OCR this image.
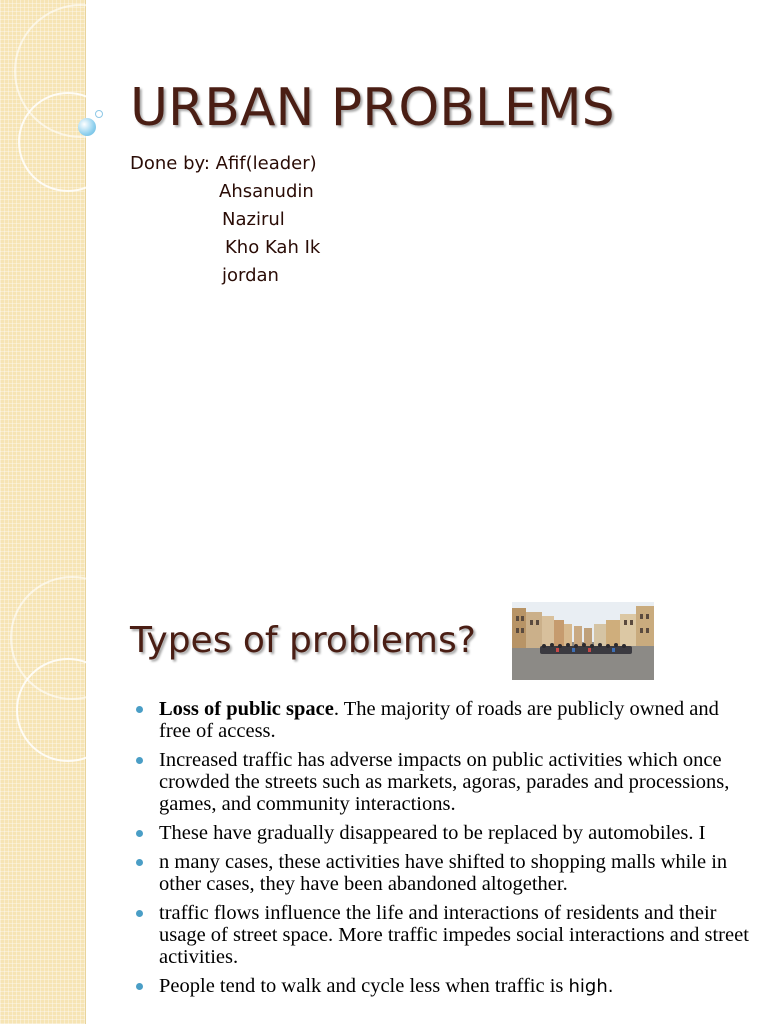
URBAN PROBLEMS
Done by: Afif(leader)
Ahsanudin
Nazirul
Kho Kah Ik
jordan
Types of problems?
Loss of public space. The majority of roads are publicly owned and free of access.
Increased traffic has adverse impacts on public activities which once crowded the streets such as markets, agoras, parades and processions, games, and community interactions.
These have gradually disappeared to be replaced by automobiles. I
n many cases, these activities have shifted to shopping malls while in other cases, they have been abandoned altogether.
traffic flows influence the life and interactions of residents and their usage of street space. More traffic impedes social interactions and street activities.
People tend to walk and cycle less when traffic is high.
